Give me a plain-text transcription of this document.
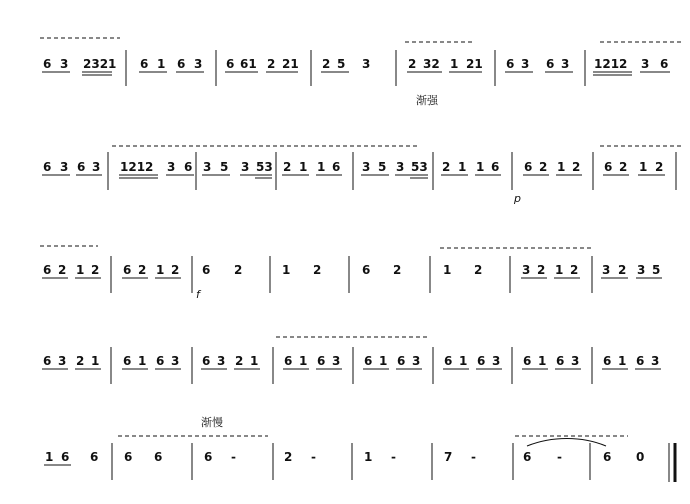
6 3 2321 6 1 6 3 6 61 2 21 2 5 3	2 32 1 21 6 3 6 3 1212 3 6
渐强
6 3 6 3 1212 3 6 3 5 3 53 2 1 1 6 3 5 3 53 2 1 1 6 6 2 1 2 6 2 1 2
p
6 2 1 2 6 2 1 2 6 2	1 2	6 2	1 2	3 2 1 2 3 2 3 5
f
6 3 2 1 6 1 6 3 6 3 2 1 6 1 6 3 6 1 6 3 6 1 6 3 6 1 6 3 6 1 6 3
渐慢
1 6 6 6 6	6 -	2 -	1 -	7 -	6 -	6 0
